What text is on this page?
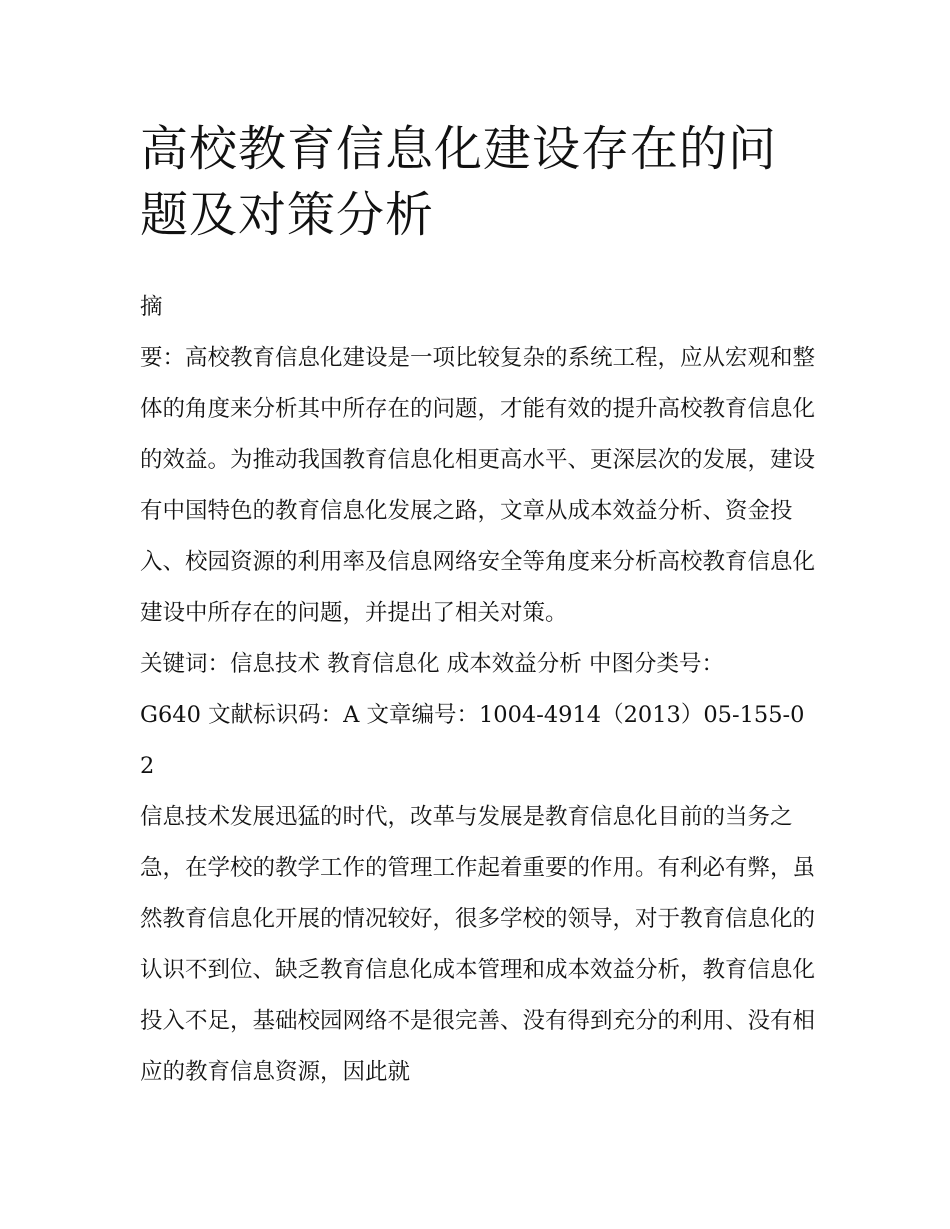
高校教育信息化建设存在的问题及对策分析
摘

要：高校教育信息化建设是一项比较复杂的系统工程，应从宏观和整体的角度来分析其中所存在的问题，才能有效的提升高校教育信息化的效益。为推动我国教育信息化相更高水平、更深层次的发展，建设有中国特色的教育信息化发展之路，文章从成本效益分析、资金投入、校园资源的利用率及信息网络安全等角度来分析高校教育信息化建设中所存在的问题，并提出了相关对策。

关键词：信息技术 教育信息化 成本效益分析 中图分类号：

G640 文献标识码：A 文章编号：1004-4914（2013）05-155-02

信息技术发展迅猛的时代，改革与发展是教育信息化目前的当务之急，在学校的教学工作的管理工作起着重要的作用。有利必有弊，虽然教育信息化开展的情况较好，很多学校的领导，对于教育信息化的认识不到位、缺乏教育信息化成本管理和成本效益分析，教育信息化投入不足，基础校园网络不是很完善、没有得到充分的利用、没有相应的教育信息资源，因此就
